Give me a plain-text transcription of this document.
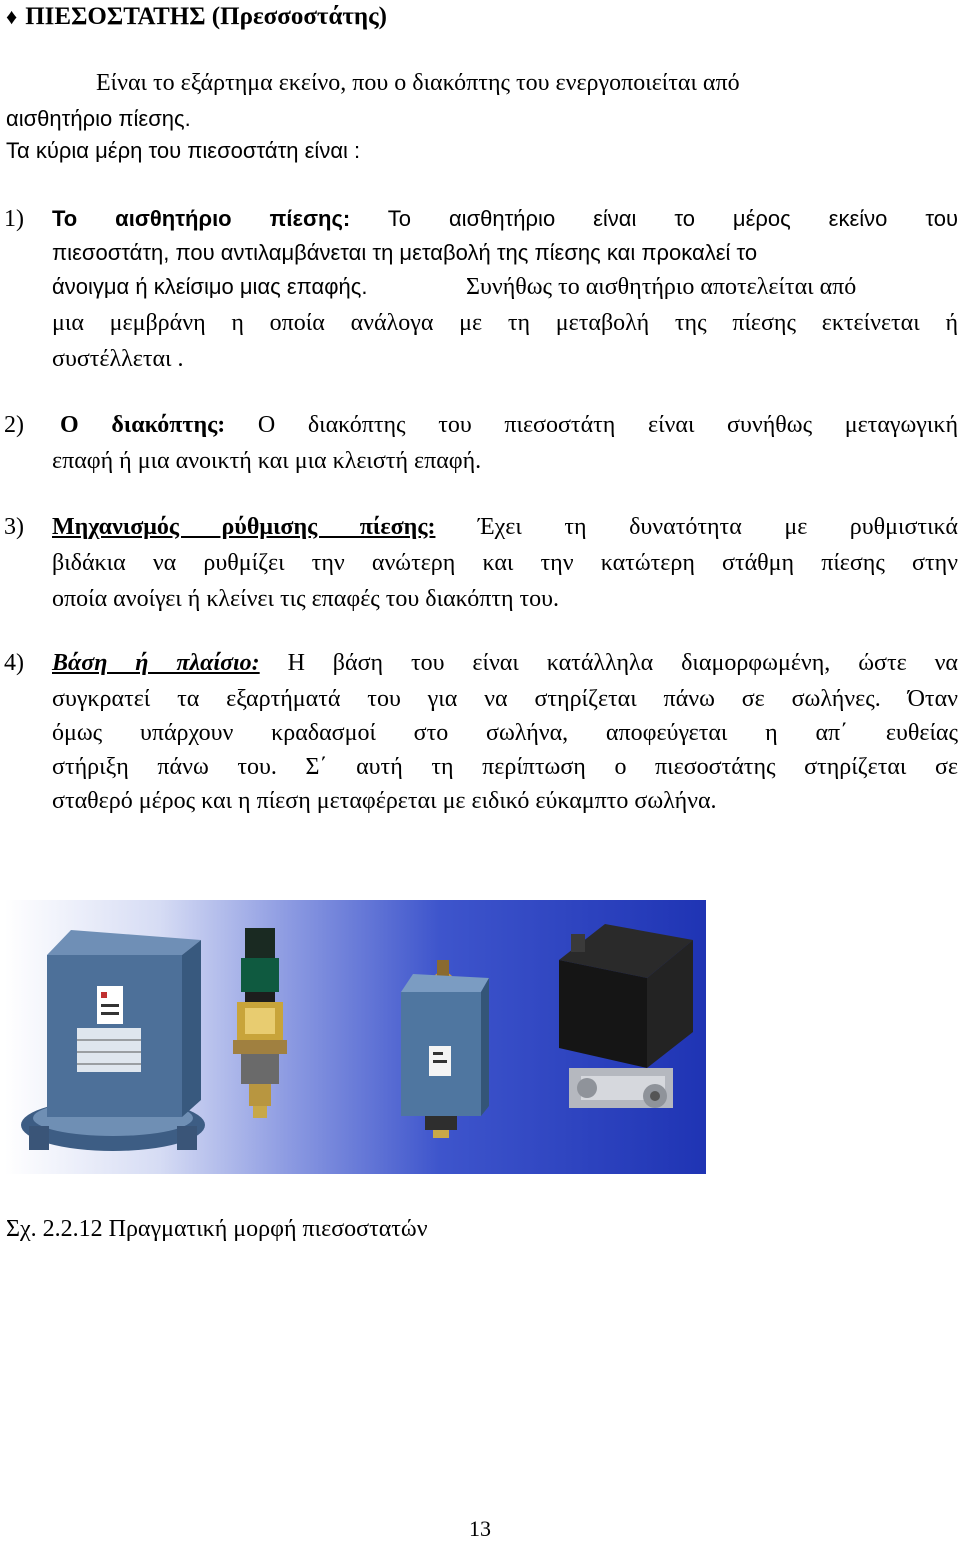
♦ ΠΙΕΣΟΣΤΑΤΗΣ (Πρεσσοστάτης)
Είναι το εξάρτημα εκείνο, που ο διακόπτης του ενεργοποιείται από
αισθητήριο πίεσης.
Τα κύρια μέρη του πιεσοστάτη είναι :
1) Το αισθητήριο πίεσης: Το αισθητήριο είναι το μέρος εκείνο του
πιεσοστάτη, που αντιλαμβάνεται τη μεταβολή της πίεσης και προκαλεί το
άνοιγμα ή κλείσιμο μιας επαφής.	Συνήθως το αισθητήριο αποτελείται από
μια μεμβράνη η οποία ανάλογα με τη μεταβολή της πίεσης εκτείνεται ή
συστέλλεται .
2) Ο διακόπτης: Ο διακόπτης του πιεσοστάτη είναι συνήθως μεταγωγική
επαφή ή μια ανοικτή και μια κλειστή επαφή.
3) Μηχανισμός ρύθμισης πίεσης: Έχει τη δυνατότητα με ρυθμιστικά
βιδάκια να ρυθμίζει την ανώτερη και την κατώτερη στάθμη πίεσης στην
οποία ανοίγει ή κλείνει τις επαφές του διακόπτη του.
4) Βάση ή πλαίσιο: Η βάση του είναι κατάλληλα διαμορφωμένη, ώστε να
συγκρατεί τα εξαρτήματά του για να στηρίζεται πάνω σε σωλήνες. Όταν
όμως υπάρχουν κραδασμοί στο σωλήνα, αποφεύγεται η απ΄ ευθείας
στήριξη πάνω του. Σ΄ αυτή τη περίπτωση ο πιεσοστάτης στηρίζεται σε
σταθερό μέρος και η πίεση μεταφέρεται με ειδικό εύκαμπτο σωλήνα.
Σχ. 2.2.12 Πραγματική μορφή πιεσοστατών
13
